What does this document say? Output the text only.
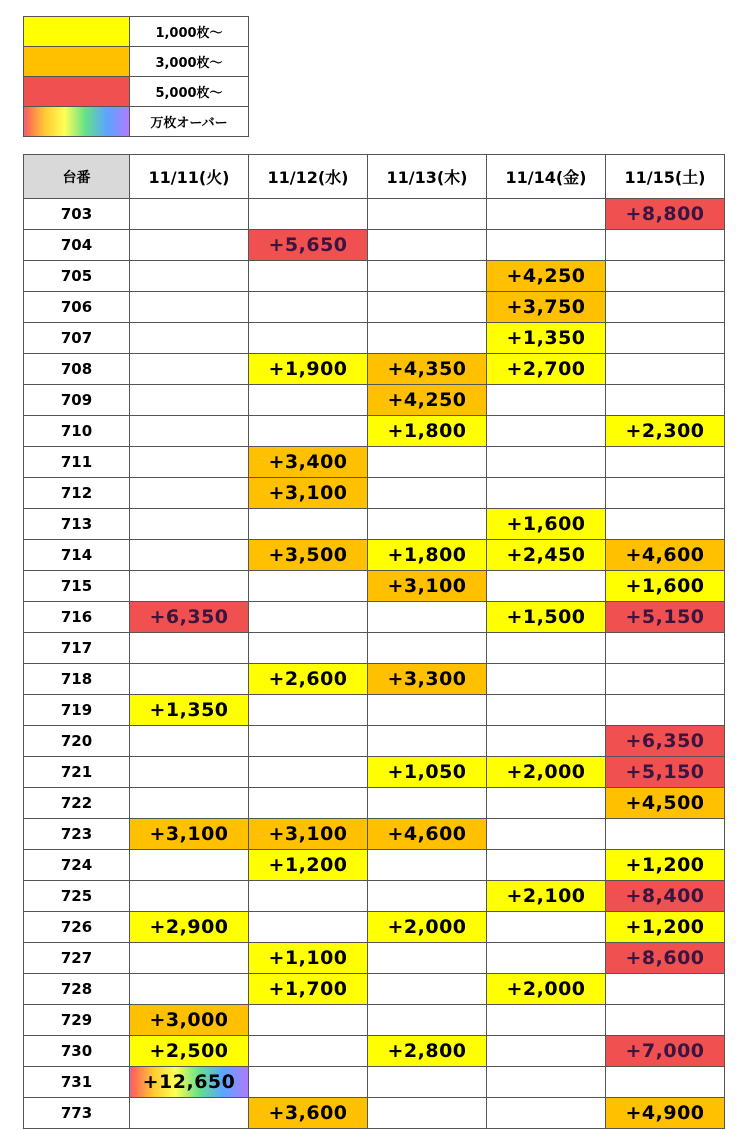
	1,000枚〜
	3,000枚〜
	5,000枚〜
	万枚オーバー
台番	11/11(火)	11/12(水)	11/13(木)	11/14(金)	11/15(土)
703					+8,800
704		+5,650			
705				+4,250	
706				+3,750	
707				+1,350	
708		+1,900	+4,350	+2,700	
709			+4,250		
710			+1,800		+2,300
711		+3,400			
712		+3,100			
713				+1,600	
714		+3,500	+1,800	+2,450	+4,600
715			+3,100		+1,600
716	+6,350			+1,500	+5,150
717					
718		+2,600	+3,300		
719	+1,350				
720					+6,350
721			+1,050	+2,000	+5,150
722					+4,500
723	+3,100	+3,100	+4,600		
724		+1,200			+1,200
725				+2,100	+8,400
726	+2,900		+2,000		+1,200
727		+1,100			+8,600
728		+1,700		+2,000	
729	+3,000				
730	+2,500		+2,800		+7,000
731	+12,650				
773		+3,600			+4,900
